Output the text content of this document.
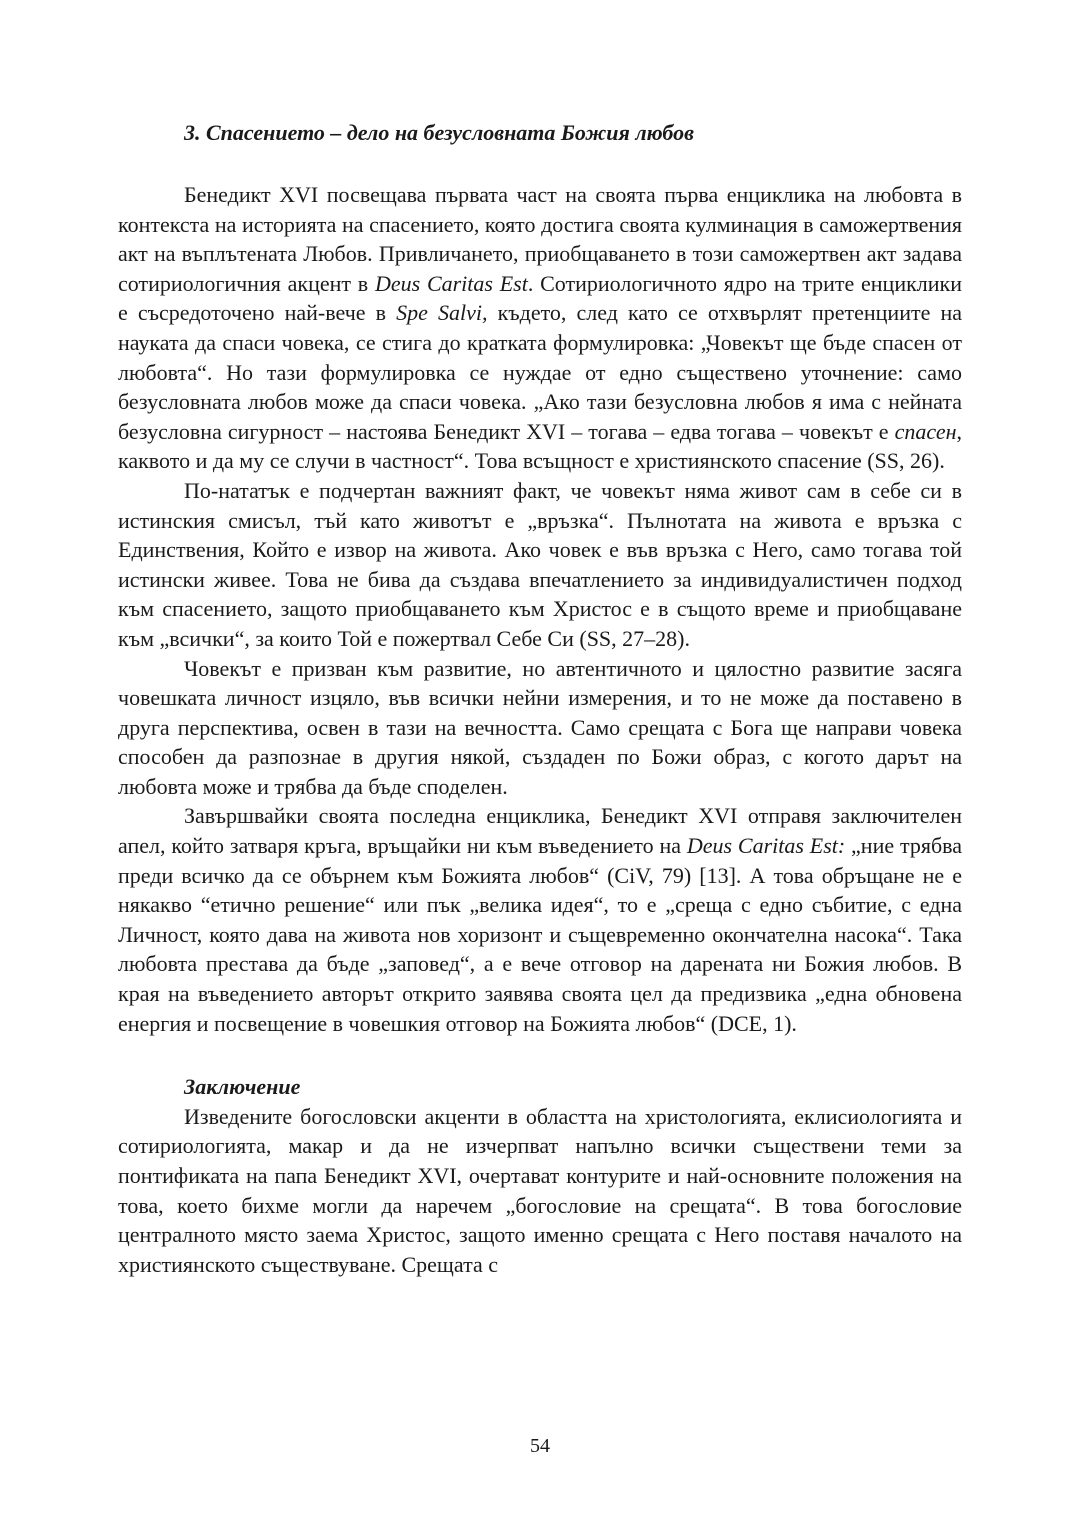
3. Спасението – дело на безусловната Божия любов

Бенедикт XVI посвещава първата част на своята първа енциклика на любовта в контекста на историята на спасението, която достига своята кулминация в саможертвения акт на въплътената Любов. Привличането, приобщаването в този саможертвен акт задава сотириологичния акцент в Deus Caritas Est. Сотириологичното ядро на трите енциклики е съсредоточено най-вече в Spe Salvi, където, след като се отхвърлят претенциите на науката да спаси човека, се стига до кратката формулировка: „Човекът ще бъде спасен от любовта“. Но тази формулировка се нуждае от едно съществено уточнение: само безусловната любов може да спаси човека. „Ако тази безусловна любов я има с нейната безусловна сигурност – настоява Бенедикт XVI – тогава – едва тогава – човекът е спасен, каквото и да му се случи в частност“. Това всъщност е християнското спасение (SS, 26).

По-нататък е подчертан важният факт, че човекът няма живот сам в себе си в истинския смисъл, тъй като животът е „връзка“. Пълнотата на живота е връзка с Единствения, Който е извор на живота. Ако човек е във връзка с Него, само тогава той истински живее. Това не бива да създава впечатлението за индивидуалистичен подход към спасението, защото приобщаването към Христос е в същото време и приобщаване към „всички“, за които Той е пожертвал Себе Си (SS, 27–28).

Човекът е призван към развитие, но автентичното и цялостно развитие засяга човешката личност изцяло, във всички нейни измерения, и то не може да поставено в друга перспектива, освен в тази на вечността. Само срещата с Бога ще направи човека способен да разпознае в другия някой, създаден по Божи образ, с когото дарът на любовта може и трябва да бъде споделен.

Завършвайки своята последна енциклика, Бенедикт XVI отправя заключителен апел, който затваря кръга, връщайки ни към въведението на Deus Caritas Est: „ние трябва преди всичко да се обърнем към Божията любов“ (CiV, 79) [13]. А това обръщане не е някакво “етично решение“ или пък „велика идея“, то е „среща с едно събитие, с една Личност, която дава на живота нов хоризонт и същевременно окончателна насока“. Така любовта престава да бъде „заповед“, а е вече отговор на дарената ни Божия любов. В края на въведението авторът открито заявява своята цел да предизвика „една обновена енергия и посвещение в човешкия отговор на Божията любов“ (DCE, 1).

Заключение

Изведените богословски акценти в областта на христологията, еклисиологията и сотириологията, макар и да не изчерпват напълно всички съществени теми за понтификата на папа Бенедикт XVI, очертават контурите и най-основните положения на това, което бихме могли да наречем „богословие на срещата“. В това богословие централното място заема Христос, защото именно срещата с Него поставя началото на християнското съществуване. Срещата с

54
